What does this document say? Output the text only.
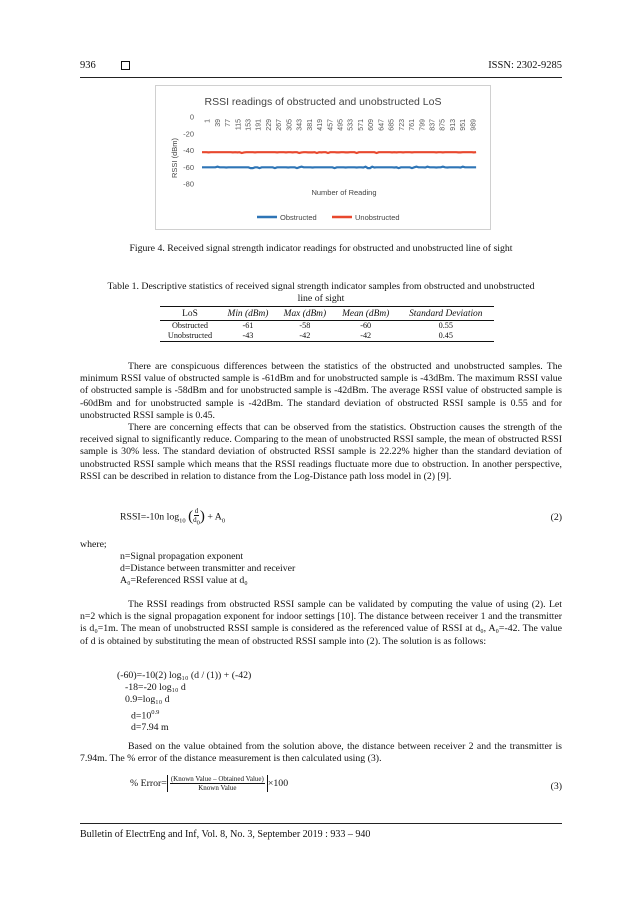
936	ISSN: 2302-9285
RSSI readings of obstructed and unobstructed LoS
RSSI (dBm)
Number of Reading
0
-20
-40
-60
-80
1 39 77 115 153 191 229 267 305 343 381 419 457 495 533 571 609 647 685 723 761 799 837 875 913 951 989
Obstructed	Unobstructed
Figure 4. Received signal strength indicator readings for obstructed and unobstructed line of sight
Table 1. Descriptive statistics of received signal strength indicator samples from obstructed and unobstructed
line of sight
LoS	Min (dBm)	Max (dBm)	Mean (dBm)	Standard Deviation
Obstructed	-61	-58	-60	0.55
Unobstructed	-43	-42	-42	0.45

There are conspicuous differences between the statistics of the obstructed and unobstructed samples. The minimum RSSI value of obstructed sample is -61dBm and for unobstructed sample is -43dBm. The maximum RSSI value of obstructed sample is -58dBm and for unobstructed sample is -42dBm. The average RSSI value of obstructed sample is -60dBm and for unobstructed sample is -42dBm. The standard deviation of obstructed RSSI sample is 0.55 and for unobstructed RSSI sample is 0.45.

There are concerning effects that can be observed from the statistics. Obstruction causes the strength of the received signal to significantly reduce. Comparing to the mean of unobstructed RSSI sample, the mean of obstructed RSSI sample is 30% less. The standard deviation of obstructed RSSI sample is 22.22% higher than the standard deviation of unobstructed RSSI sample which means that the RSSI readings fluctuate more due to obstruction. In another perspective, RSSI can be described in relation to distance from the Log-Distance path loss model in (2) [9].

RSSI=-10n $\log_{10}$ ( $\frac{d}{d_0}$ ) + $A_0$	(2)
where;
n=Signal propagation exponent
d=Distance between transmitter and receiver
A₀=Referenced RSSI value at d₀

The RSSI readings from obstructed RSSI sample can be validated by computing the value of using (2). Let n=2 which is the signal propagation exponent for indoor settings [10]. The distance between receiver 1 and the transmitter is d₀=1m. The mean of unobstructed RSSI sample is considered as the referenced value of RSSI at d₀, A₀=-42. The value of d is obtained by substituting the mean of obstructed RSSI sample into (2). The solution is as follows:

(-60)=-10(2) log₁₀ (d / (1)) + (-42)
-18=-20 log₁₀ d
0.9=log₁₀ d
$d=10^{0.9}$
d=7.94 m

Based on the value obtained from the solution above, the distance between receiver 2 and the transmitter is 7.94m. The % error of the distance measurement is then calculated using (3).

% Error= $\frac{\text{(Known Value – Obtained Value)}}{\text{Known Value}} \times 100$	(3)
Bulletin of ElectrEng and Inf, Vol. 8, No. 3, September 2019 : 933 – 940
